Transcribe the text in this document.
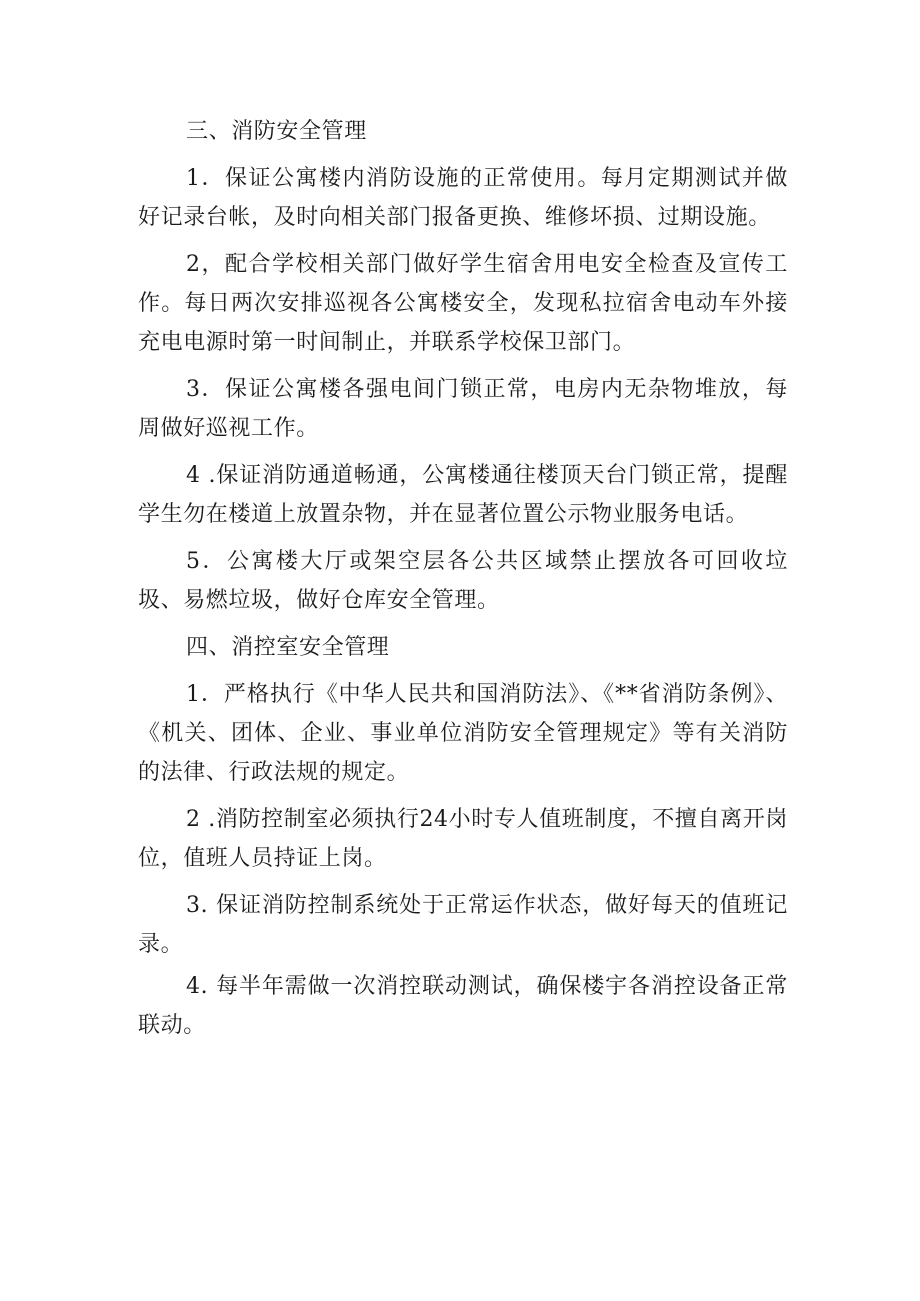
三、消防安全管理

1．保证公寓楼内消防设施的正常使用。每月定期测试并做好记录台帐，及时向相关部门报备更换、维修坏损、过期设施。

2，配合学校相关部门做好学生宿舍用电安全检查及宣传工作。每日两次安排巡视各公寓楼安全，发现私拉宿舍电动车外接充电电源时第一时间制止，并联系学校保卫部门。

3．保证公寓楼各强电间门锁正常，电房内无杂物堆放，每周做好巡视工作。

4 .保证消防通道畅通，公寓楼通往楼顶天台门锁正常，提醒学生勿在楼道上放置杂物，并在显著位置公示物业服务电话。

5．公寓楼大厅或架空层各公共区域禁止摆放各可回收垃圾、易燃垃圾，做好仓库安全管理。

四、消控室安全管理

1．严格执行《中华人民共和国消防法》、《**省消防条例》、《机关、团体、企业、事业单位消防安全管理规定》等有关消防的法律、行政法规的规定。

2 .消防控制室必须执行24小时专人值班制度，不擅自离开岗位，值班人员持证上岗。

3. 保证消防控制系统处于正常运作状态，做好每天的值班记录。

4. 每半年需做一次消控联动测试，确保楼宇各消控设备正常联动。
